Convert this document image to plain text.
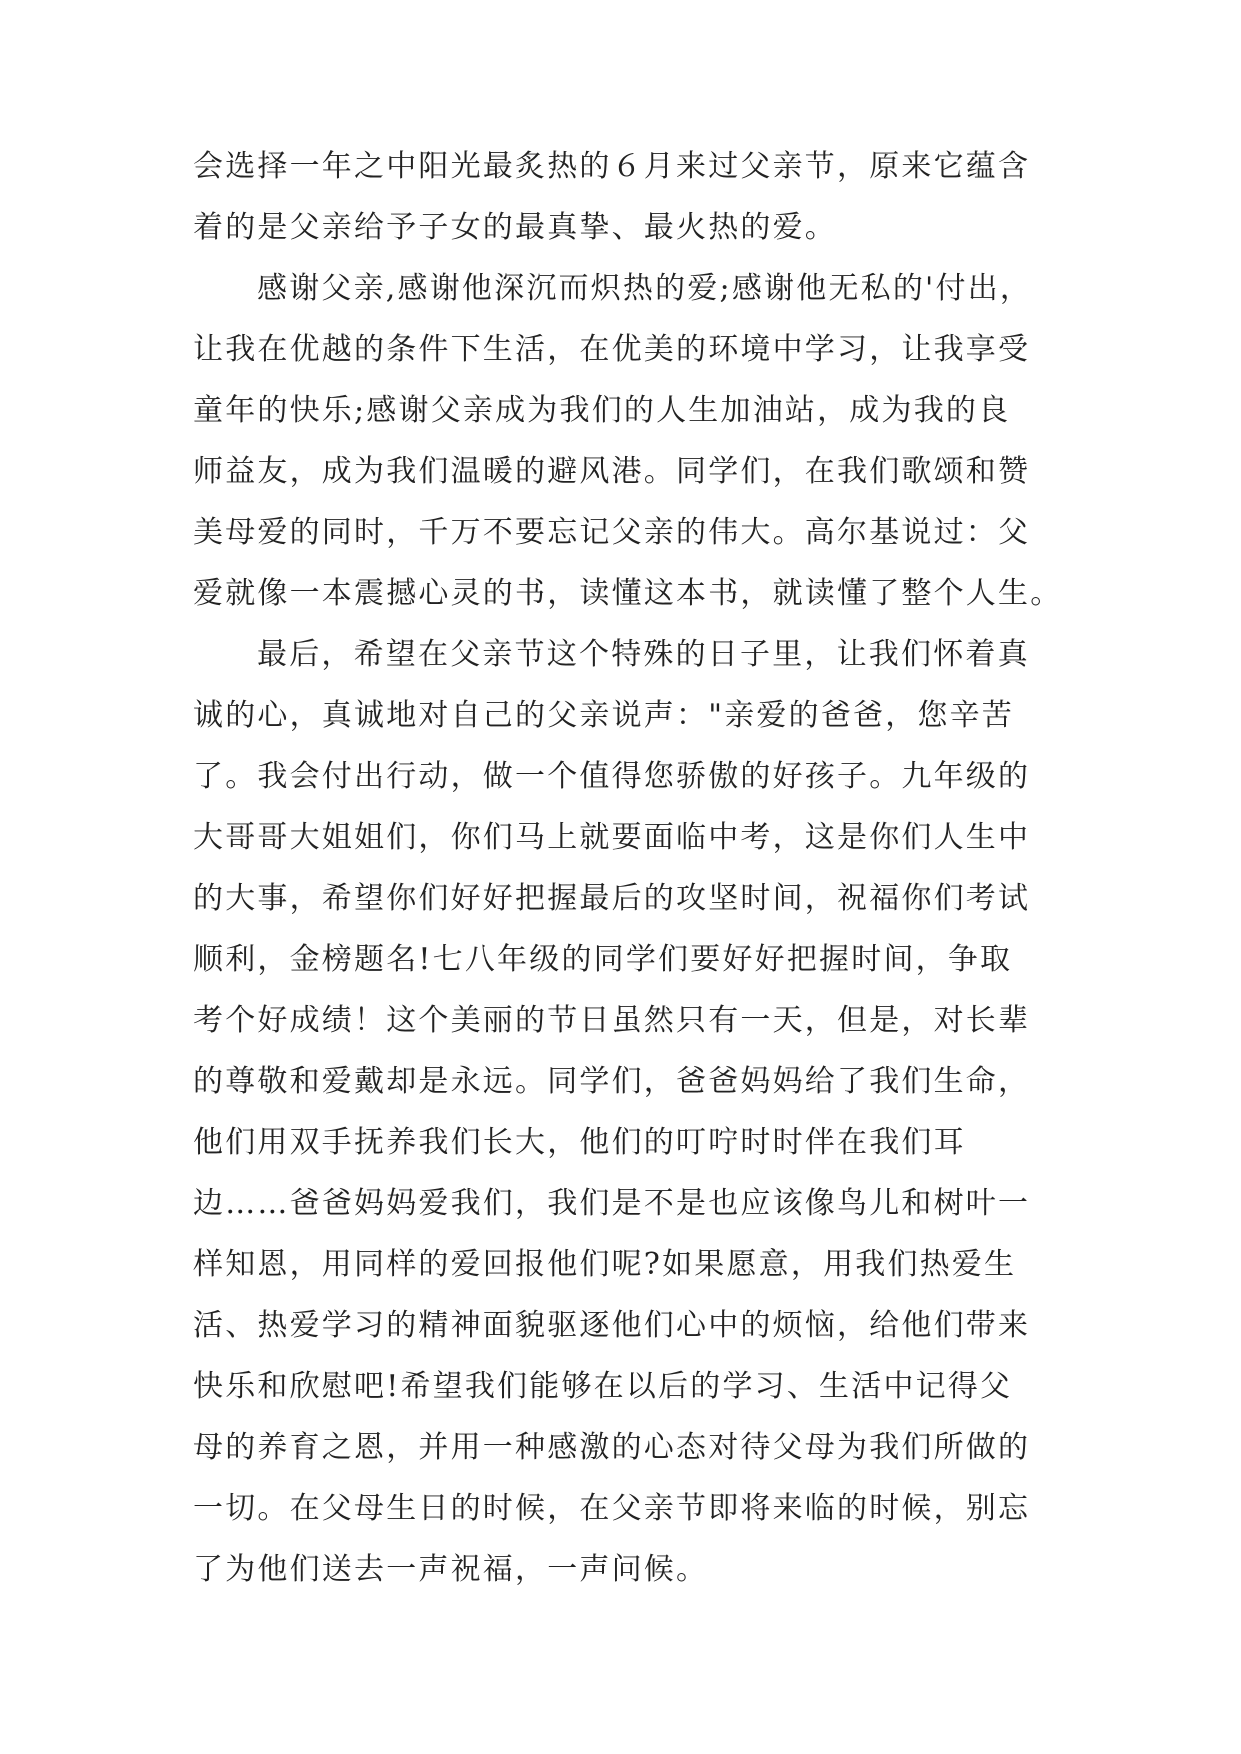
会选择一年之中阳光最炙热的６月来过父亲节，原来它蕴含
着的是父亲给予子女的最真挚、最火热的爱。
感谢父亲,感谢他深沉而炽热的爱;感谢他无私的'付出，
让我在优越的条件下生活，在优美的环境中学习，让我享受
童年的快乐;感谢父亲成为我们的人生加油站，成为我的良
师益友，成为我们温暖的避风港。同学们，在我们歌颂和赞
美母爱的同时，千万不要忘记父亲的伟大。高尔基说过：父
爱就像一本震撼心灵的书，读懂这本书，就读懂了整个人生。
最后，希望在父亲节这个特殊的日子里，让我们怀着真
诚的心，真诚地对自己的父亲说声："亲爱的爸爸，您辛苦
了。我会付出行动，做一个值得您骄傲的好孩子。九年级的
大哥哥大姐姐们，你们马上就要面临中考，这是你们人生中
的大事，希望你们好好把握最后的攻坚时间，祝福你们考试
顺利，金榜题名!七八年级的同学们要好好把握时间，争取
考个好成绩！这个美丽的节日虽然只有一天，但是，对长辈
的尊敬和爱戴却是永远。同学们，爸爸妈妈给了我们生命，
他们用双手抚养我们长大，他们的叮咛时时伴在我们耳
边……爸爸妈妈爱我们，我们是不是也应该像鸟儿和树叶一
样知恩，用同样的爱回报他们呢?如果愿意，用我们热爱生
活、热爱学习的精神面貌驱逐他们心中的烦恼，给他们带来
快乐和欣慰吧!希望我们能够在以后的学习、生活中记得父
母的养育之恩，并用一种感激的心态对待父母为我们所做的
一切。在父母生日的时候，在父亲节即将来临的时候，别忘
了为他们送去一声祝福，一声问候。
